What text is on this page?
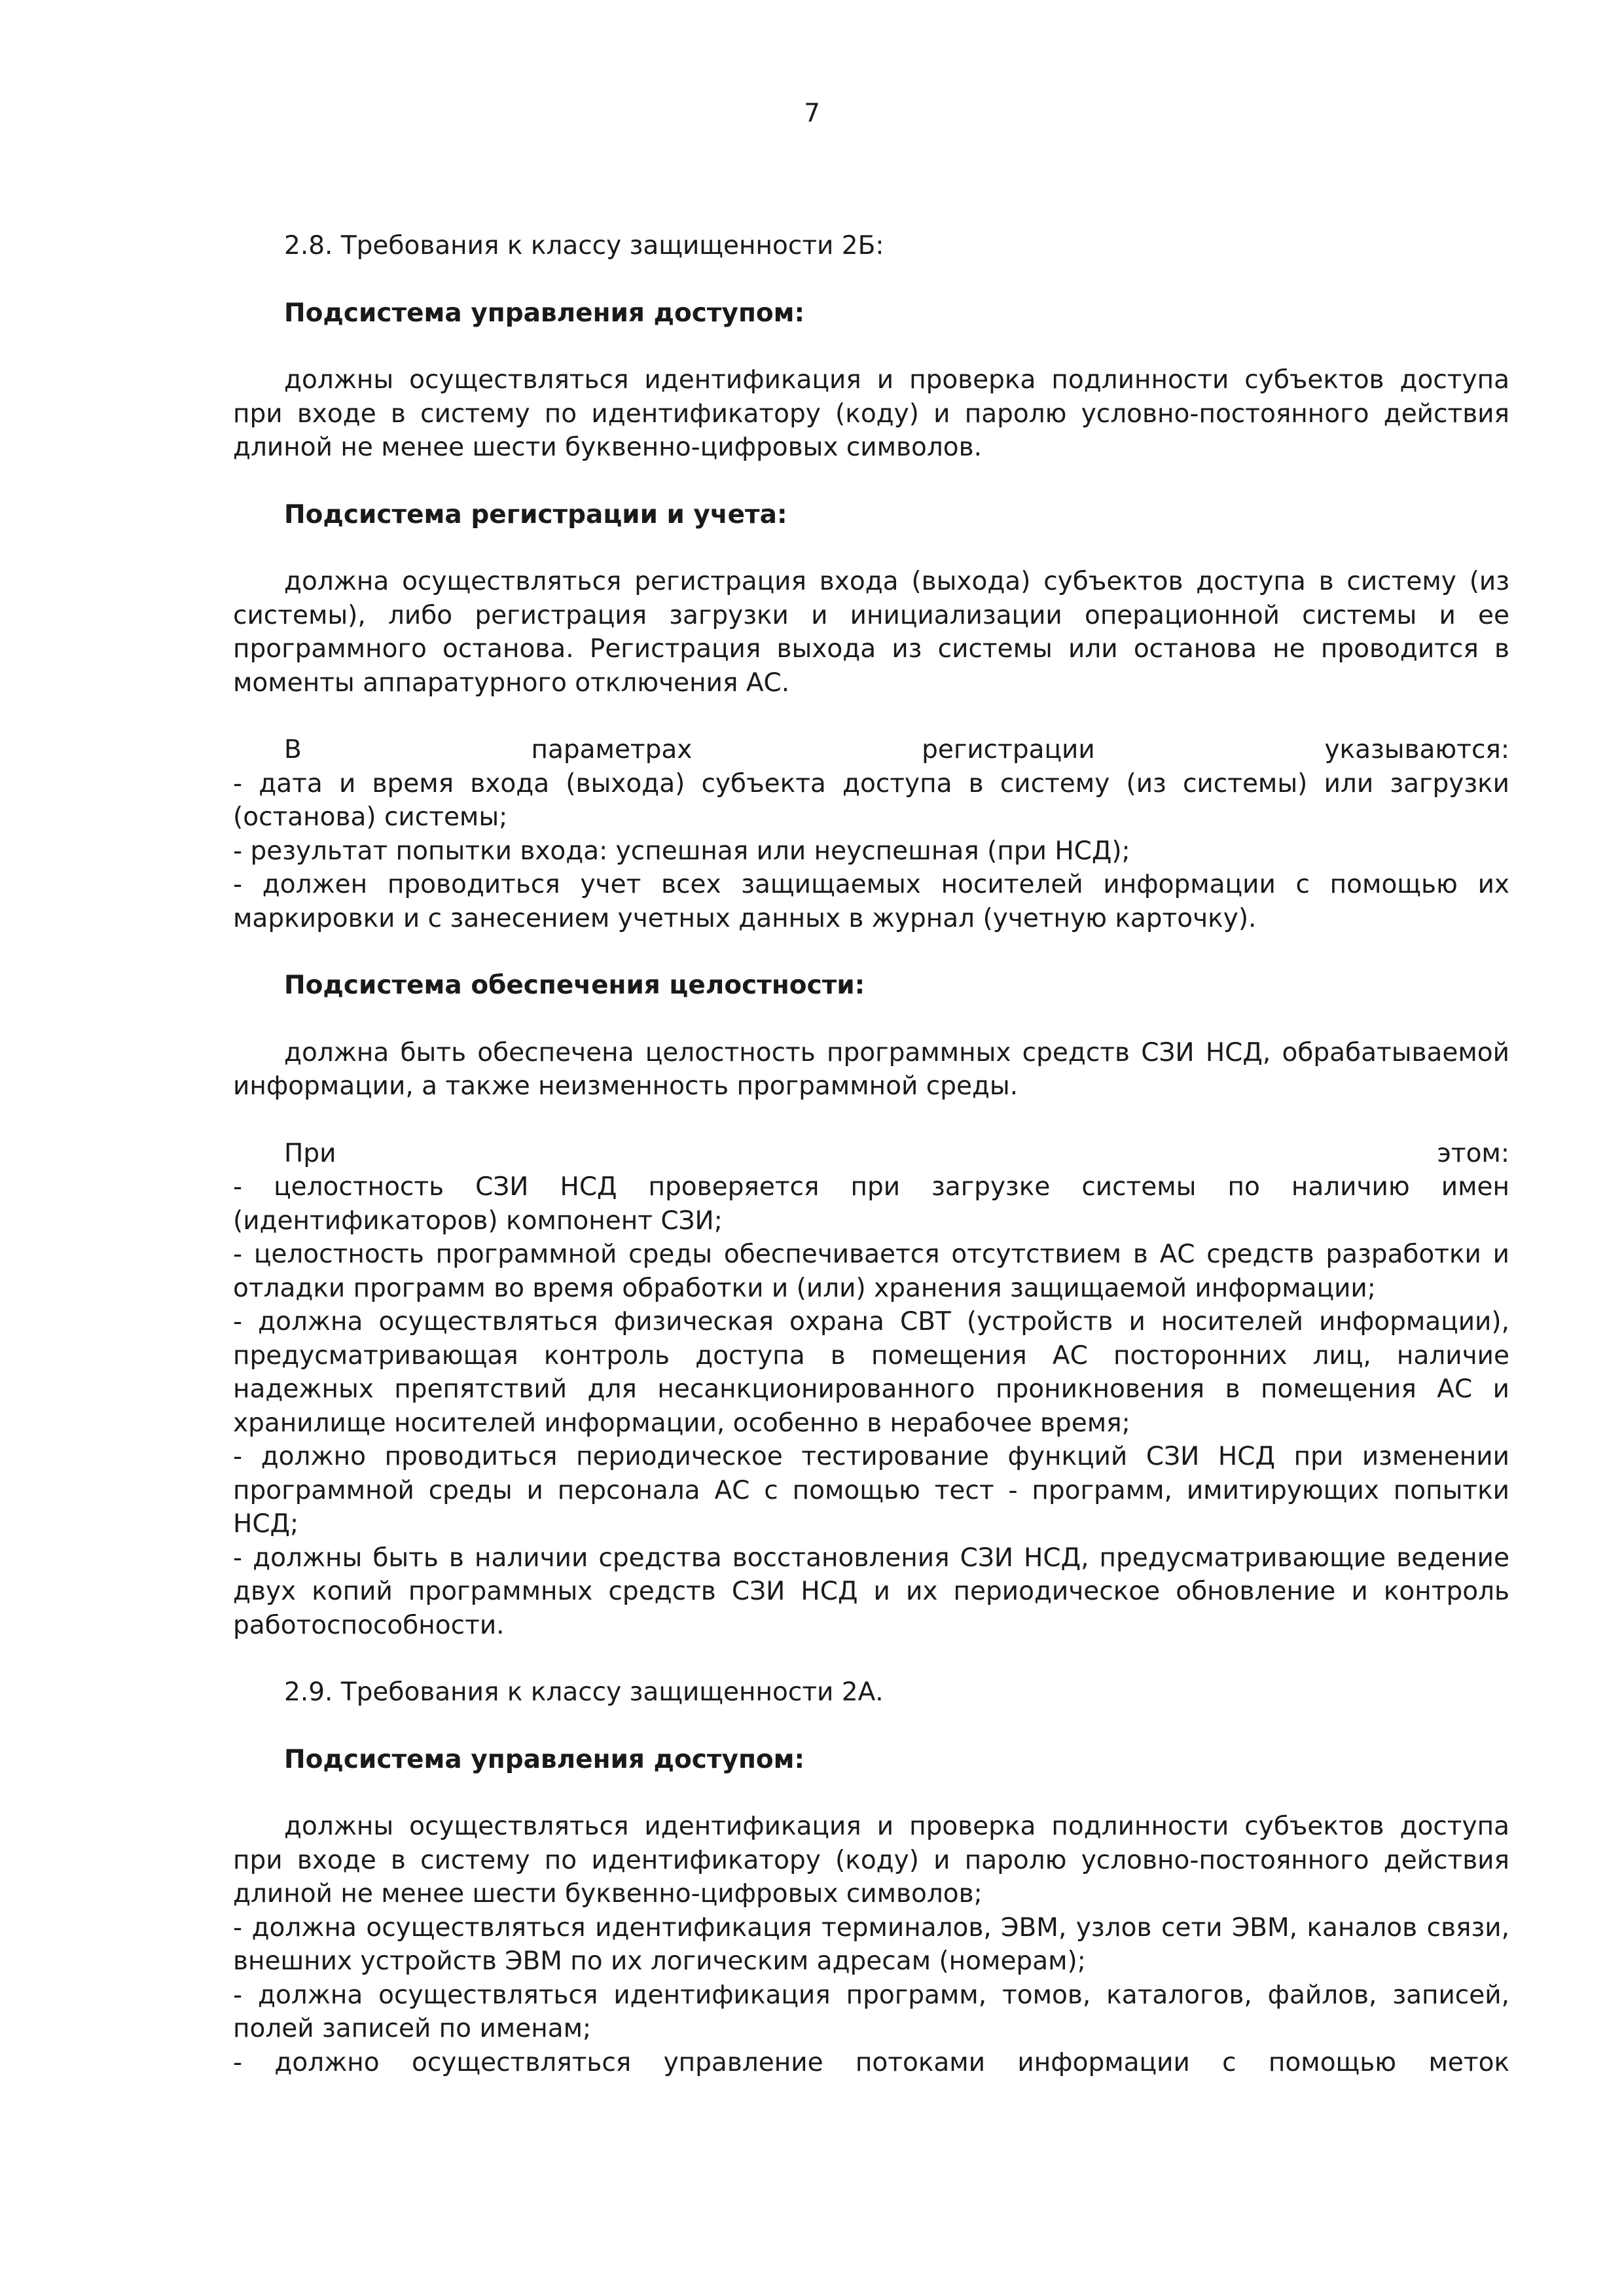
7

2.8. Требования к классу защищенности 2Б:

Подсистема управления доступом:

должны осуществляться идентификация и проверка подлинности субъектов доступа при входе в систему по идентификатору (коду) и паролю условно-постоянного действия длиной не менее шести буквенно-цифровых символов.

Подсистема регистрации и учета:

должна осуществляться регистрация входа (выхода) субъектов доступа в систему (из системы), либо регистрация загрузки и инициализации операционной системы и ее программного останова. Регистрация выхода из системы или останова не проводится в моменты аппаратурного отключения АС.

В параметрах регистрации указываются:

- дата и время входа (выхода) субъекта доступа в систему (из системы) или загрузки (останова) системы;

- результат попытки входа: успешная или неуспешная (при НСД);

- должен проводиться учет всех защищаемых носителей информации с помощью их маркировки и с занесением учетных данных в журнал (учетную карточку).

Подсистема обеспечения целостности:

должна быть обеспечена целостность программных средств СЗИ НСД, обрабатываемой информации, а также неизменность программной среды.

При этом:

- целостность СЗИ НСД проверяется при загрузке системы по наличию имен (идентификаторов) компонент СЗИ;

- целостность программной среды обеспечивается отсутствием в АС средств разработки и отладки программ во время обработки и (или) хранения защищаемой информации;

- должна осуществляться физическая охрана СВТ (устройств и носителей информации), предусматривающая контроль доступа в помещения АС посторонних лиц, наличие надежных препятствий для несанкционированного проникновения в помещения АС и хранилище носителей информации, особенно в нерабочее время;

- должно проводиться периодическое тестирование функций СЗИ НСД при изменении программной среды и персонала АС с помощью тест - программ, имитирующих попытки НСД;

- должны быть в наличии средства восстановления СЗИ НСД, предусматривающие ведение двух копий программных средств СЗИ НСД и их периодическое обновление и контроль работоспособности.

2.9. Требования к классу защищенности 2А.

Подсистема управления доступом:

должны осуществляться идентификация и проверка подлинности субъектов доступа при входе в систему по идентификатору (коду) и паролю условно-постоянного действия длиной не менее шести буквенно-цифровых символов;

- должна осуществляться идентификация терминалов, ЭВМ, узлов сети ЭВМ, каналов связи, внешних устройств ЭВМ по их логическим адресам (номерам);

- должна осуществляться идентификация программ, томов, каталогов, файлов, записей, полей записей по именам;

- должно осуществляться управление потоками информации с помощью меток
